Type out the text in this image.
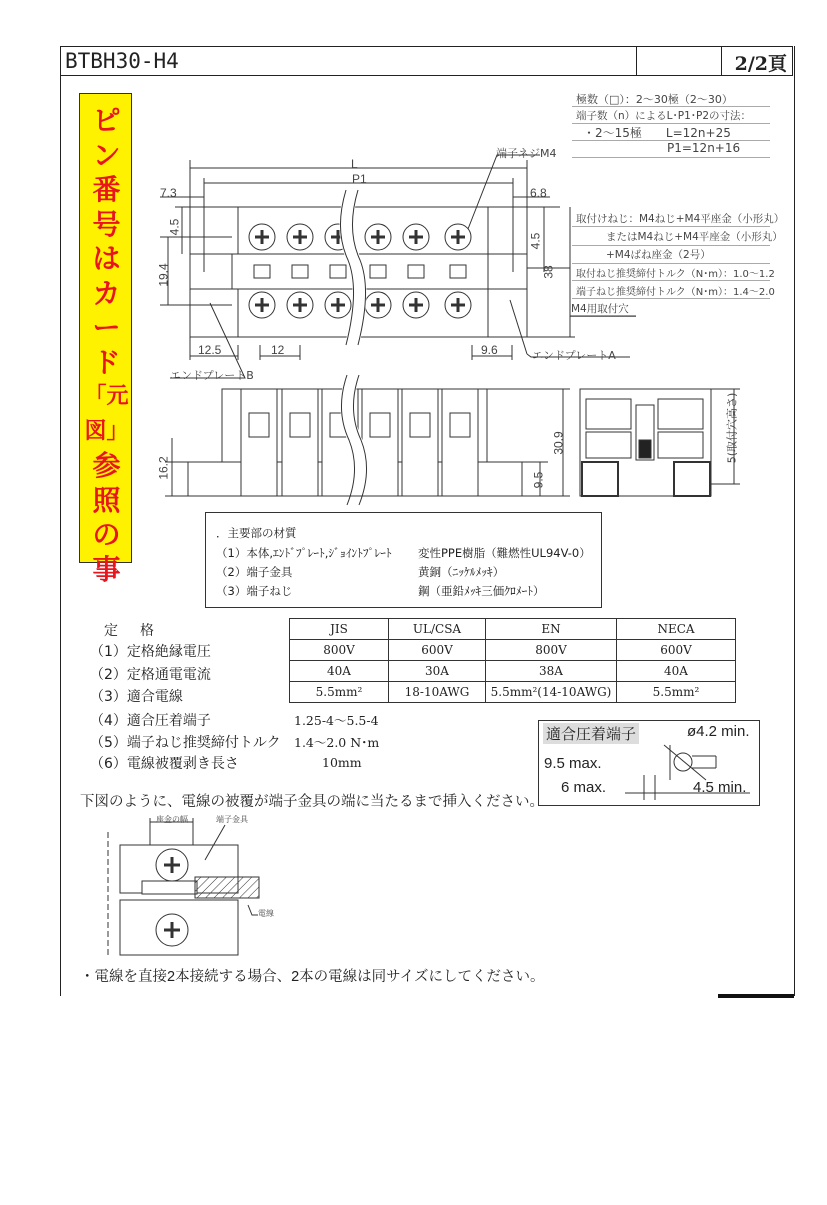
BTBH30-H4	2/2頁
ピ
ン
番
号
は
カ
ー
ド
「元
図」
参
照
の
事
極数（□）：2～30極（2～30）
端子数（n）によるL･P1･P2の寸法：
・2～15極　　L=12n+25
P1=12n+16
取付けねじ：M4ねじ+M4平座金（小形丸）
またはM4ねじ+M4平座金（小形丸）
+M4ばね座金（2号）
取付ねじ推奨締付トルク（N･m）：1.0～1.2
端子ねじ推奨締付トルク（N･m）：1.4～2.0
M4用取付穴
L
P1
端子ネジM4
7.3	6.8
4.5
19.4
4.5
38
12.5	12	9.6	エンドプレートA
エンドプレートB
16.2
30.9
9.5
5(取付穴高さ)
．主要部の材質
（1）本体,ｴﾝﾄﾞﾌﾟﾚｰﾄ,ｼﾞｮｲﾝﾄﾌﾟﾚｰﾄ 変性PPE樹脂（難燃性UL94V-0）
（2）端子金具	黄銅（ﾆｯｹﾙﾒｯｷ）
（3）端子ねじ	鋼（亜鉛ﾒｯｷ三価ｸﾛﾒｰﾄ）
定格
（1）定格絶縁電圧
（2）定格通電電流
（3）適合電線
（4）適合圧着端子	1.25-4～5.5-4
（5）端子ねじ推奨締付トルク 1.4～2.0 N･m
（6）電線被覆剥き長さ	10mm
JIS	UL/CSA	EN	NECA
800V	600V	800V	600V
40A	30A	38A	40A
5.5mm²	18-10AWG	5.5mm²(14-10AWG)	5.5mm²
適合圧着端子	ø4.2 min.
9.5 max.
6 max.	4.5 min.
下図のように、電線の被覆が端子金具の端に当たるまで挿入ください。
座金の幅	端子金具
電線
・電線を直接2本接続する場合、2本の電線は同サイズにしてください。
